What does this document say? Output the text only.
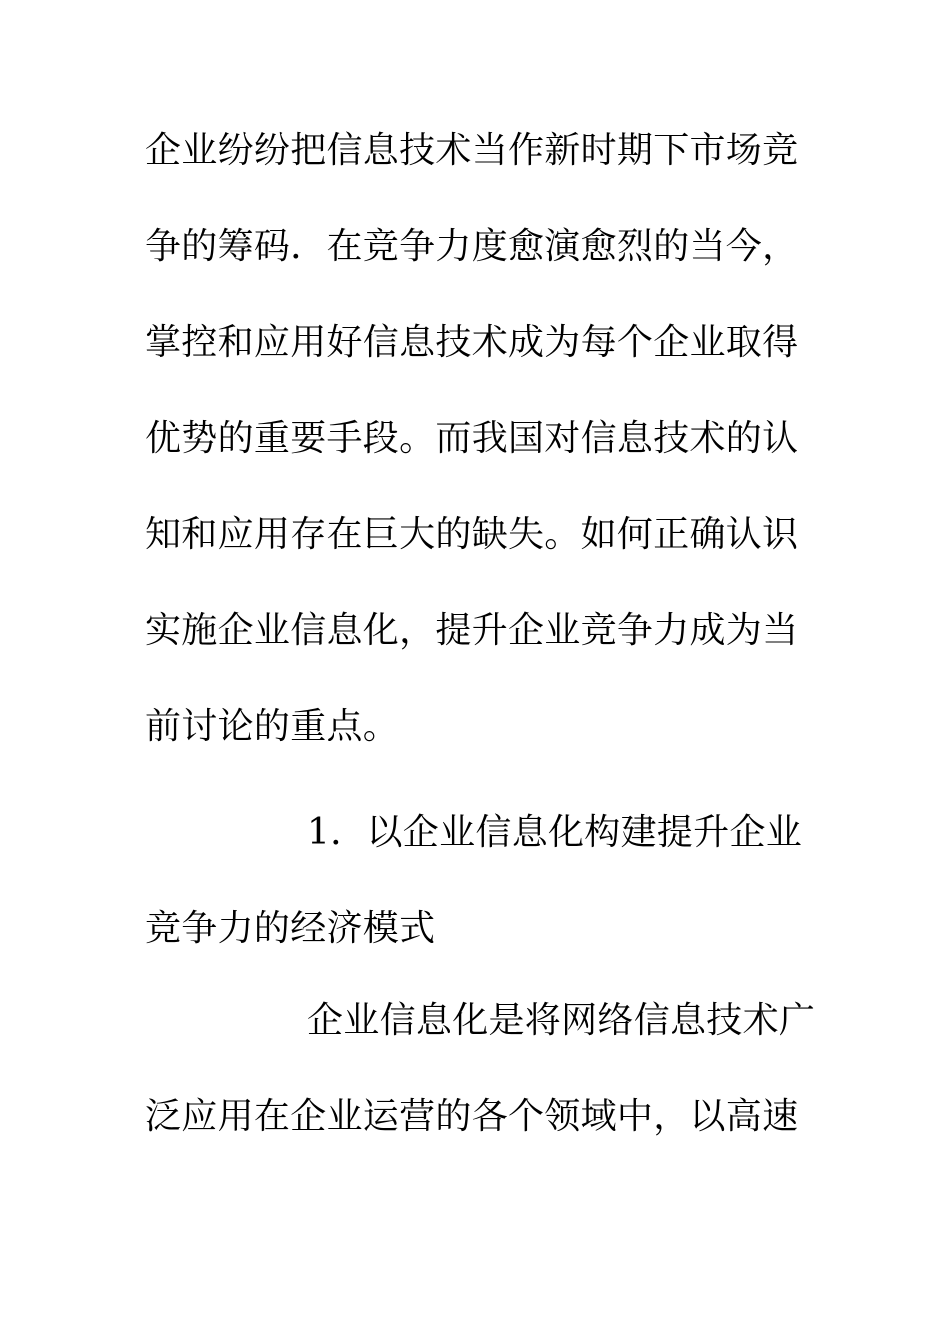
企业纷纷把信息技术当作新时期下市场竞
争的筹码．在竞争力度愈演愈烈的当今，
掌控和应用好信息技术成为每个企业取得
优势的重要手段。而我国对信息技术的认
知和应用存在巨大的缺失。如何正确认识
实施企业信息化，提升企业竞争力成为当
前讨论的重点。
1．以企业信息化构建提升企业
竞争力的经济模式
企业信息化是将网络信息技术广
泛应用在企业运营的各个领域中，以高速
